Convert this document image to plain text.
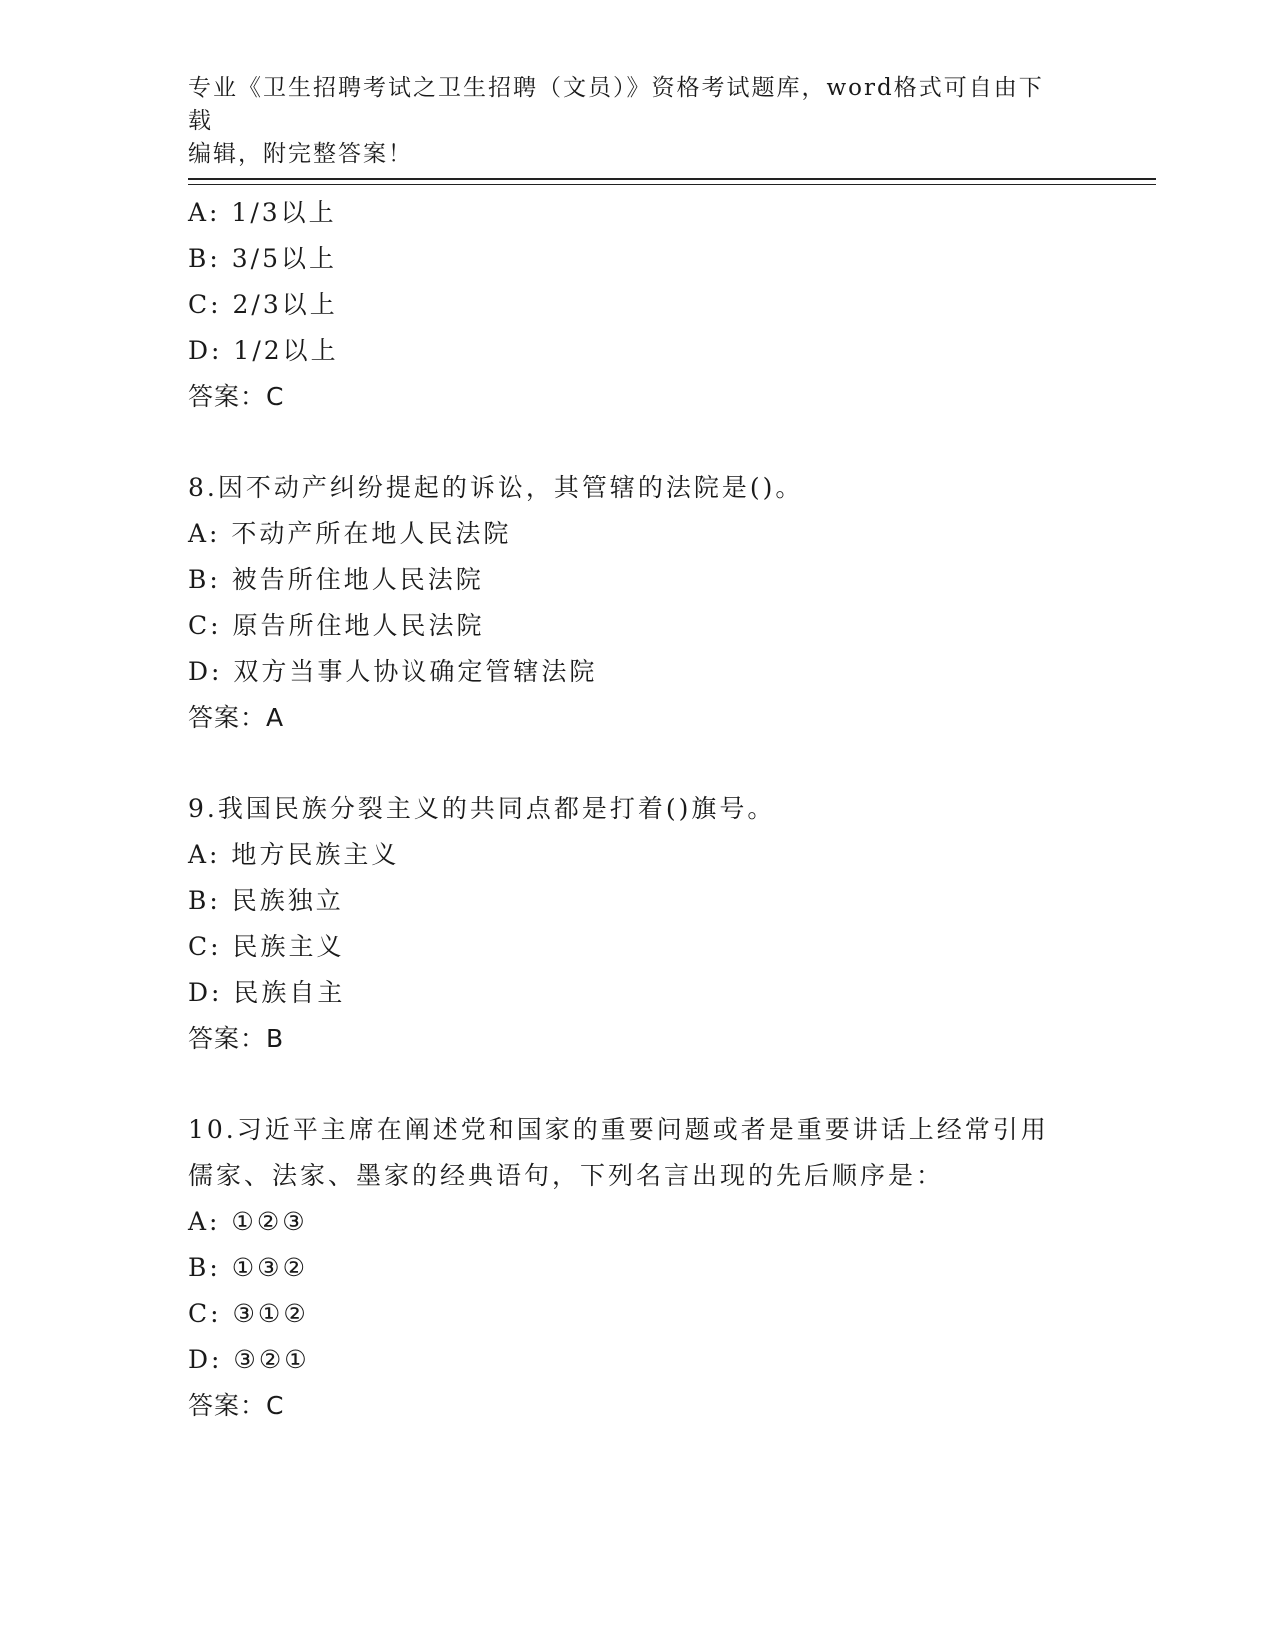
专业《卫生招聘考试之卫生招聘（文员）》资格考试题库，word格式可自由下载
编辑，附完整答案！
A: 1/3以上
B: 3/5以上
C: 2/3以上
D: 1/2以上
答案：C
8.因不动产纠纷提起的诉讼，其管辖的法院是()。
A: 不动产所在地人民法院
B: 被告所住地人民法院
C: 原告所住地人民法院
D: 双方当事人协议确定管辖法院
答案：A
9.我国民族分裂主义的共同点都是打着()旗号。
A: 地方民族主义
B: 民族独立
C: 民族主义
D: 民族自主
答案：B
10.习近平主席在阐述党和国家的重要问题或者是重要讲话上经常引用
儒家、法家、墨家的经典语句，下列名言出现的先后顺序是：
A: ①②③
B: ①③②
C: ③①②
D: ③②①
答案：C
